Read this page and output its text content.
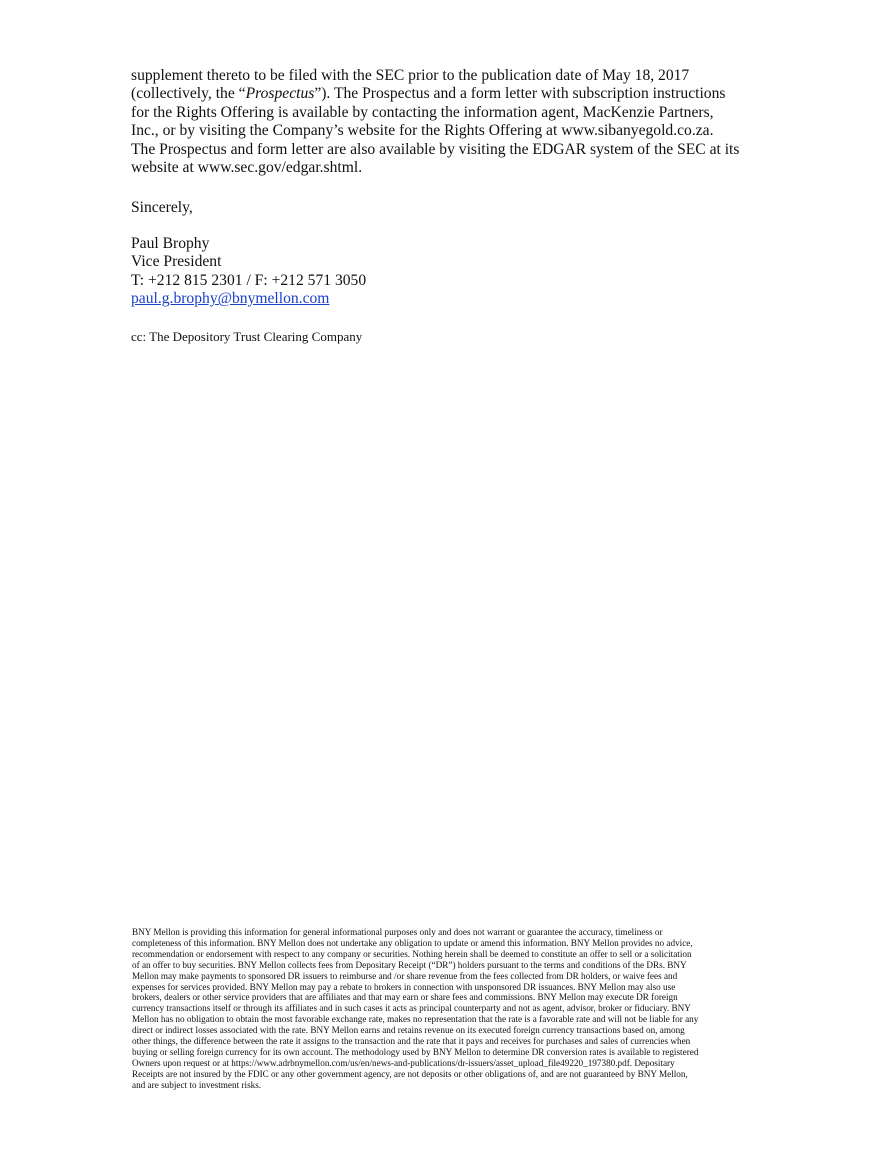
supplement thereto to be filed with the SEC prior to the publication date of May 18, 2017
(collectively, the “Prospectus”). The Prospectus and a form letter with subscription instructions
for the Rights Offering is available by contacting the information agent, MacKenzie Partners,
Inc., or by visiting the Company’s website for the Rights Offering at www.sibanyegold.co.za.
The Prospectus and form letter are also available by visiting the EDGAR system of the SEC at its
website at www.sec.gov/edgar.shtml.
Sincerely,
Paul Brophy
Vice President
T: +212 815 2301 / F: +212 571 3050
paul.g.brophy@bnymellon.com
cc: The Depository Trust Clearing Company
BNY Mellon is providing this information for general informational purposes only and does not warrant or guarantee the accuracy, timeliness or
completeness of this information. BNY Mellon does not undertake any obligation to update or amend this information. BNY Mellon provides no advice,
recommendation or endorsement with respect to any company or securities. Nothing herein shall be deemed to constitute an offer to sell or a solicitation
of an offer to buy securities. BNY Mellon collects fees from Depositary Receipt (“DR”) holders pursuant to the terms and conditions of the DRs. BNY
Mellon may make payments to sponsored DR issuers to reimburse and /or share revenue from the fees collected from DR holders, or waive fees and
expenses for services provided. BNY Mellon may pay a rebate to brokers in connection with unsponsored DR issuances. BNY Mellon may also use
brokers, dealers or other service providers that are affiliates and that may earn or share fees and commissions. BNY Mellon may execute DR foreign
currency transactions itself or through its affiliates and in such cases it acts as principal counterparty and not as agent, advisor, broker or fiduciary. BNY
Mellon has no obligation to obtain the most favorable exchange rate, makes no representation that the rate is a favorable rate and will not be liable for any
direct or indirect losses associated with the rate. BNY Mellon earns and retains revenue on its executed foreign currency transactions based on, among
other things, the difference between the rate it assigns to the transaction and the rate that it pays and receives for purchases and sales of currencies when
buying or selling foreign currency for its own account. The methodology used by BNY Mellon to determine DR conversion rates is available to registered
Owners upon request or at https://www.adrbnymellon.com/us/en/news-and-publications/dr-issuers/asset_upload_file49220_197380.pdf. Depositary
Receipts are not insured by the FDIC or any other government agency, are not deposits or other obligations of, and are not guaranteed by BNY Mellon,
and are subject to investment risks.
